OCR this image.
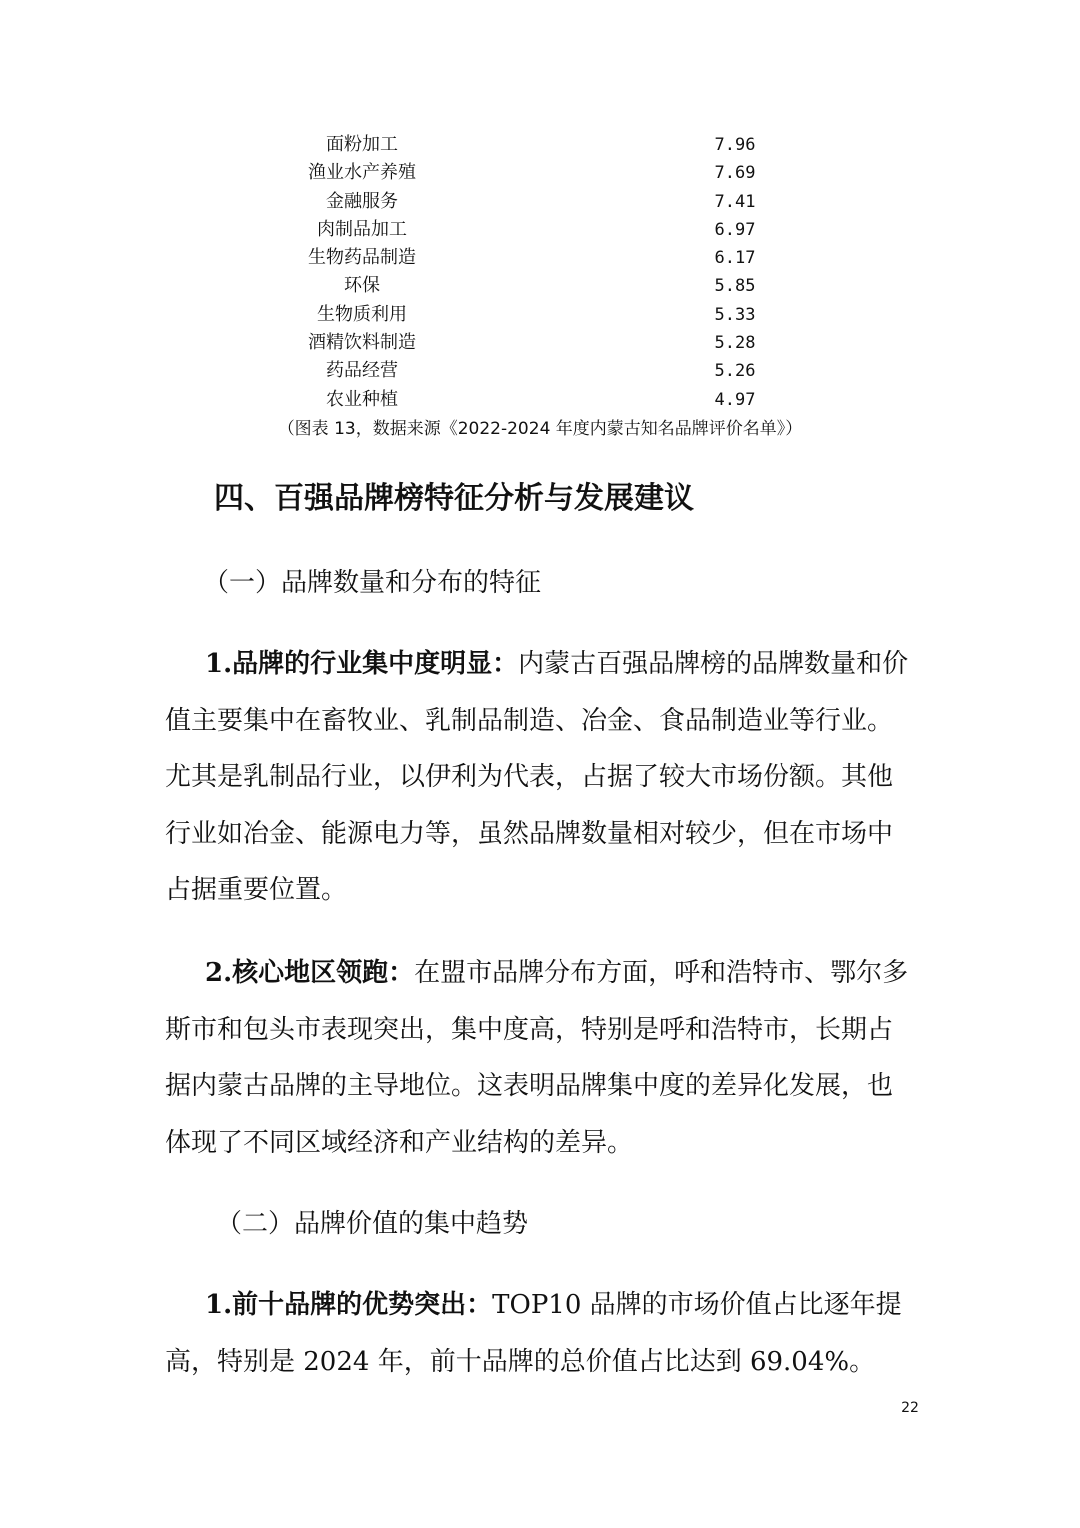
面粉加工	7.96
渔业水产养殖	7.69
金融服务	7.41
肉制品加工	6.97
生物药品制造	6.17
环保	5.85
生物质利用	5.33
酒精饮料制造	5.28
药品经营	5.26
农业种植	4.97
（图表 13，数据来源《2022-2024 年度内蒙古知名品牌评价名单》）
四、百强品牌榜特征分析与发展建议
（一）品牌数量和分布的特征

1.品牌的行业集中度明显：内蒙古百强品牌榜的品牌数量和价值主要集中在畜牧业、乳制品制造、冶金、食品制造业等行业。尤其是乳制品行业，以伊利为代表，占据了较大市场份额。其他行业如冶金、能源电力等，虽然品牌数量相对较少，但在市场中占据重要位置。

2.核心地区领跑：在盟市品牌分布方面，呼和浩特市、鄂尔多斯市和包头市表现突出，集中度高，特别是呼和浩特市，长期占据内蒙古品牌的主导地位。这表明品牌集中度的差异化发展，也体现了不同区域经济和产业结构的差异。

（二）品牌价值的集中趋势

1.前十品牌的优势突出：TOP10 品牌的市场价值占比逐年提高，特别是 2024 年，前十品牌的总价值占比达到 69.04%。

22
